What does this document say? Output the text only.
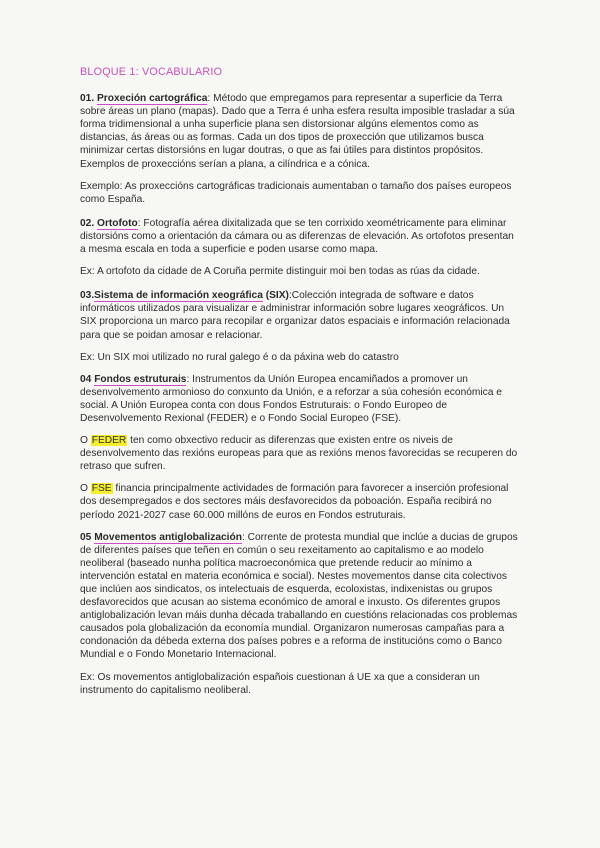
BLOQUE 1: VOCABULARIO

01. Proxeción cartográfica: Método que empregamos para representar a superficie da Terra sobre áreas un plano (mapas). Dado que a Terra é unha esfera resulta imposible trasladar a súa forma tridimensional a unha superficie plana sen distorsionar algúns elementos como as distancias, ás áreas ou as formas. Cada un dos tipos de proxección que utilizamos busca minimizar certas distorsións en lugar doutras, o que as fai útiles para distintos propósitos. Exemplos de proxeccións serían a plana, a cilíndrica e a cónica.

Exemplo: As proxeccións cartográficas tradicionais aumentaban o tamaño dos países europeos como España.

02. Ortofoto: Fotografía aérea dixitalizada que se ten corrixido xeométricamente para eliminar distorsións como a orientación da cámara ou as diferenzas de elevación. As ortofotos presentan a mesma escala en toda a superficie e poden usarse como mapa.

Ex: A ortofoto da cidade de A Coruña permite distinguir moi ben todas as rúas da cidade.

03.Sistema de información xeográfica (SIX):Colección integrada de software e datos informáticos utilizados para visualizar e administrar información sobre lugares xeográficos. Un SIX proporciona un marco para recopilar e organizar datos espaciais e información relacionada para que se poidan amosar e relacionar.

Ex: Un SIX moi utilizado no rural galego é o da páxina web do catastro

04 Fondos estruturais: Instrumentos da Unión Europea encamiñados a promover un desenvolvemento armonioso do conxunto da Unión, e a reforzar a súa cohesión económica e social. A Unión Europea conta con dous Fondos Estruturais: o Fondo Europeo de Desenvolvemento Rexional (FEDER) e o Fondo Social Europeo (FSE).

O FEDER ten como obxectivo reducir as diferenzas que existen entre os niveis de desenvolvemento das rexións europeas para que as rexións menos favorecidas se recuperen do retraso que sufren.

O FSE financia principalmente actividades de formación para favorecer a inserción profesional dos desempregados e dos sectores máis desfavorecidos da poboación. España recibirá no período 2021-2027 case 60.000 millóns de euros en Fondos estruturais.

05 Movementos antiglobalización: Corrente de protesta mundial que inclúe a ducias de grupos de diferentes países que teñen en común o seu rexeitamento ao capitalismo e ao modelo neoliberal (baseado nunha política macroeconómica que pretende reducir ao mínimo a intervención estatal en materia económica e social). Nestes movementos danse cita colectivos que inclúen aos sindicatos, os intelectuais de esquerda, ecoloxistas, indixenistas ou grupos desfavorecidos que acusan ao sistema económico de amoral e inxusto. Os diferentes grupos antiglobalización levan máis dunha década traballando en cuestións relacionadas cos problemas causados pola globalización da economía mundial. Organizaron numerosas campañas para a condonación da débeda externa dos países pobres e a reforma de institucións como o Banco Mundial e o Fondo Monetario Internacional.

Ex: Os movementos antiglobalización españois cuestionan á UE xa que a consideran un instrumento do capitalismo neoliberal.
